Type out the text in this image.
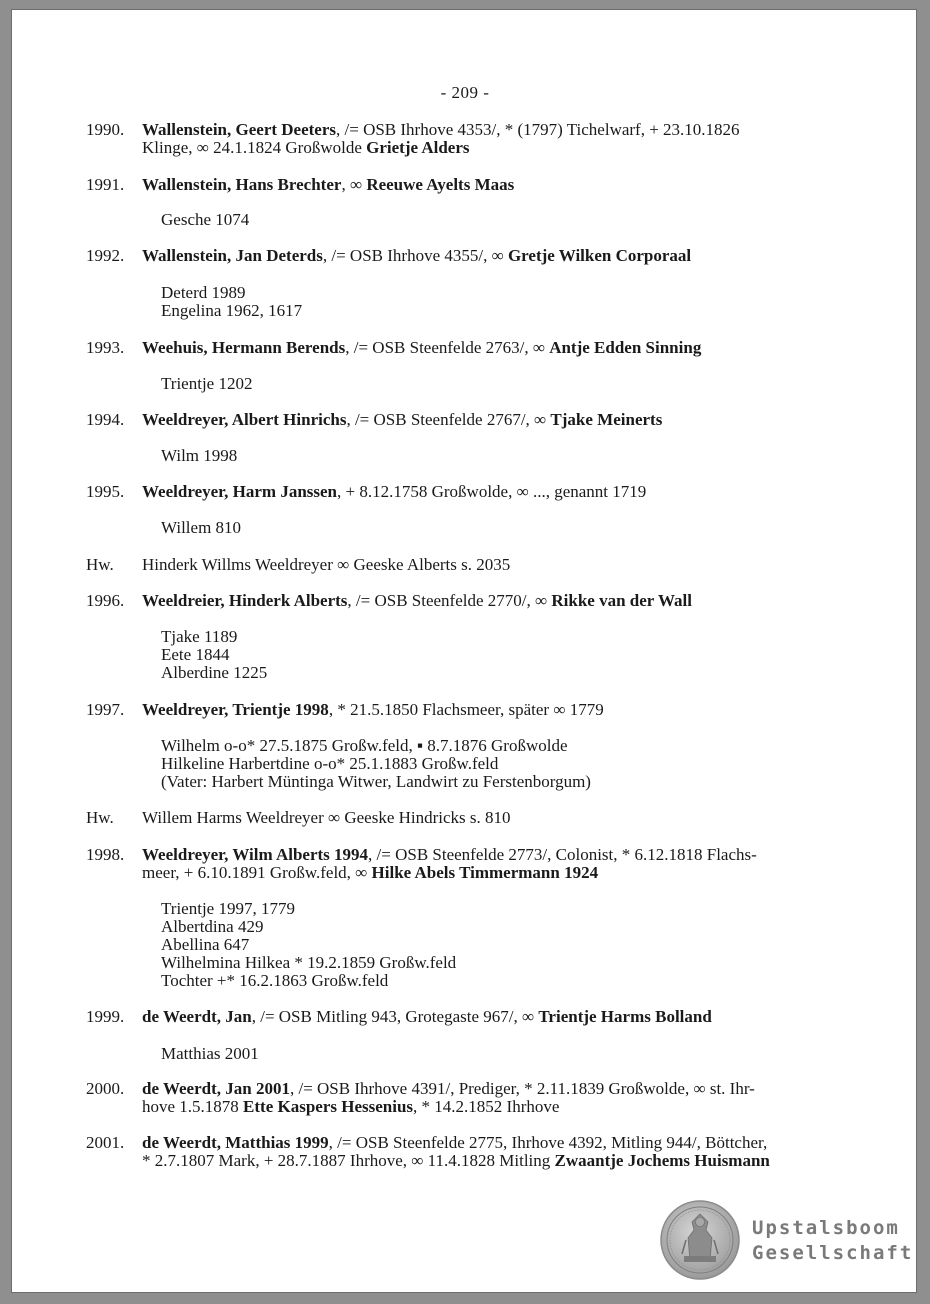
- 209 -
1990.	Wallenstein, Geert Deeters, /= OSB Ihrhove 4353/, * (1797) Tichelwarf, + 23.10.1826
Klinge, ∞ 24.1.1824 Großwolde Grietje Alders
1991.	Wallenstein, Hans Brechter, ∞ Reeuwe Ayelts Maas
Gesche 1074
1992.	Wallenstein, Jan Deterds, /= OSB Ihrhove 4355/, ∞ Gretje Wilken Corporaal
Deterd 1989
Engelina 1962, 1617
1993.	Weehuis, Hermann Berends, /= OSB Steenfelde 2763/, ∞ Antje Edden Sinning
Trientje 1202
1994.	Weeldreyer, Albert Hinrichs, /= OSB Steenfelde 2767/, ∞ Tjake Meinerts
Wilm 1998
1995.	Weeldreyer, Harm Janssen, + 8.12.1758 Großwolde, ∞ ..., genannt 1719
Willem 810
Hw.	Hinderk Willms Weeldreyer ∞ Geeske Alberts s. 2035
1996.	Weeldreier, Hinderk Alberts, /= OSB Steenfelde 2770/, ∞ Rikke van der Wall
Tjake 1189
Eete 1844
Alberdine 1225
1997.	Weeldreyer, Trientje 1998, * 21.5.1850 Flachsmeer, später ∞ 1779
Wilhelm o-o* 27.5.1875 Großw.feld, ▪ 8.7.1876 Großwolde
Hilkeline Harbertdine o-o* 25.1.1883 Großw.feld
(Vater: Harbert Müntinga Witwer, Landwirt zu Ferstenborgum)
Hw.	Willem Harms Weeldreyer ∞ Geeske Hindricks s. 810
1998.	Weeldreyer, Wilm Alberts 1994, /= OSB Steenfelde 2773/, Colonist, * 6.12.1818 Flachs-
meer, + 6.10.1891 Großw.feld, ∞ Hilke Abels Timmermann 1924
Trientje 1997, 1779
Albertdina 429
Abellina 647
Wilhelmina Hilkea * 19.2.1859 Großw.feld
Tochter +* 16.2.1863 Großw.feld
1999.	de Weerdt, Jan, /= OSB Mitling 943, Grotegaste 967/, ∞ Trientje Harms Bolland
Matthias 2001
2000.	de Weerdt, Jan 2001, /= OSB Ihrhove 4391/, Prediger, * 2.11.1839 Großwolde, ∞ st. Ihr-
hove 1.5.1878 Ette Kaspers Hessenius, * 14.2.1852 Ihrhove
2001.	de Weerdt, Matthias 1999, /= OSB Steenfelde 2775, Ihrhove 4392, Mitling 944/, Böttcher,
* 2.7.1807 Mark, + 28.7.1887 Ihrhove, ∞ 11.4.1828 Mitling Zwaantje Jochems Huismann
Upstalsboom
Gesellschaft
